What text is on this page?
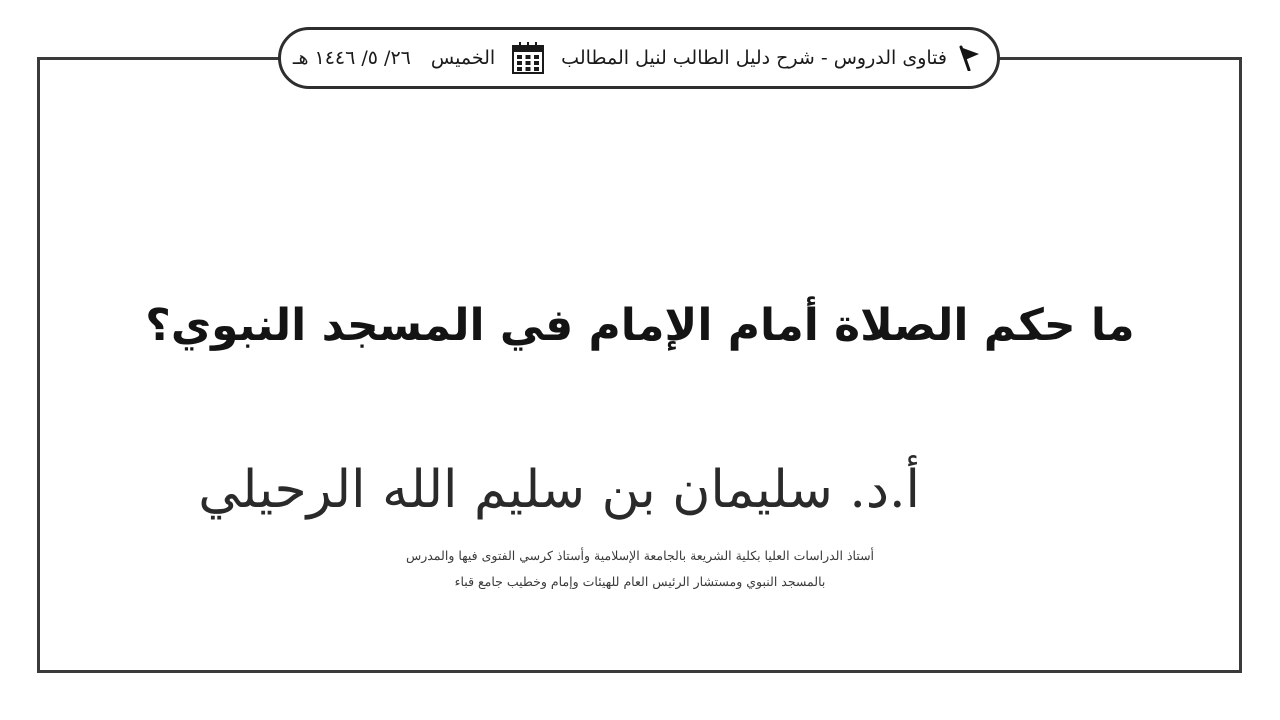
فتاوى الدروس - شرح دليل الطالب لنيل المطالب
الخميس
٢٦/ ٥/ ١٤٤٦ هـ
ما حكم الصلاة أمام الإمام في المسجد النبوي؟
أ.د. سليمان بن سليم الله الرحيلي
أستاذ الدراسات العليا بكلية الشريعة بالجامعة الإسلامية وأستاذ كرسي الفتوى فيها والمدرس
بالمسجد النبوي ومستشار الرئيس العام للهيئات وإمام وخطيب جامع قباء
